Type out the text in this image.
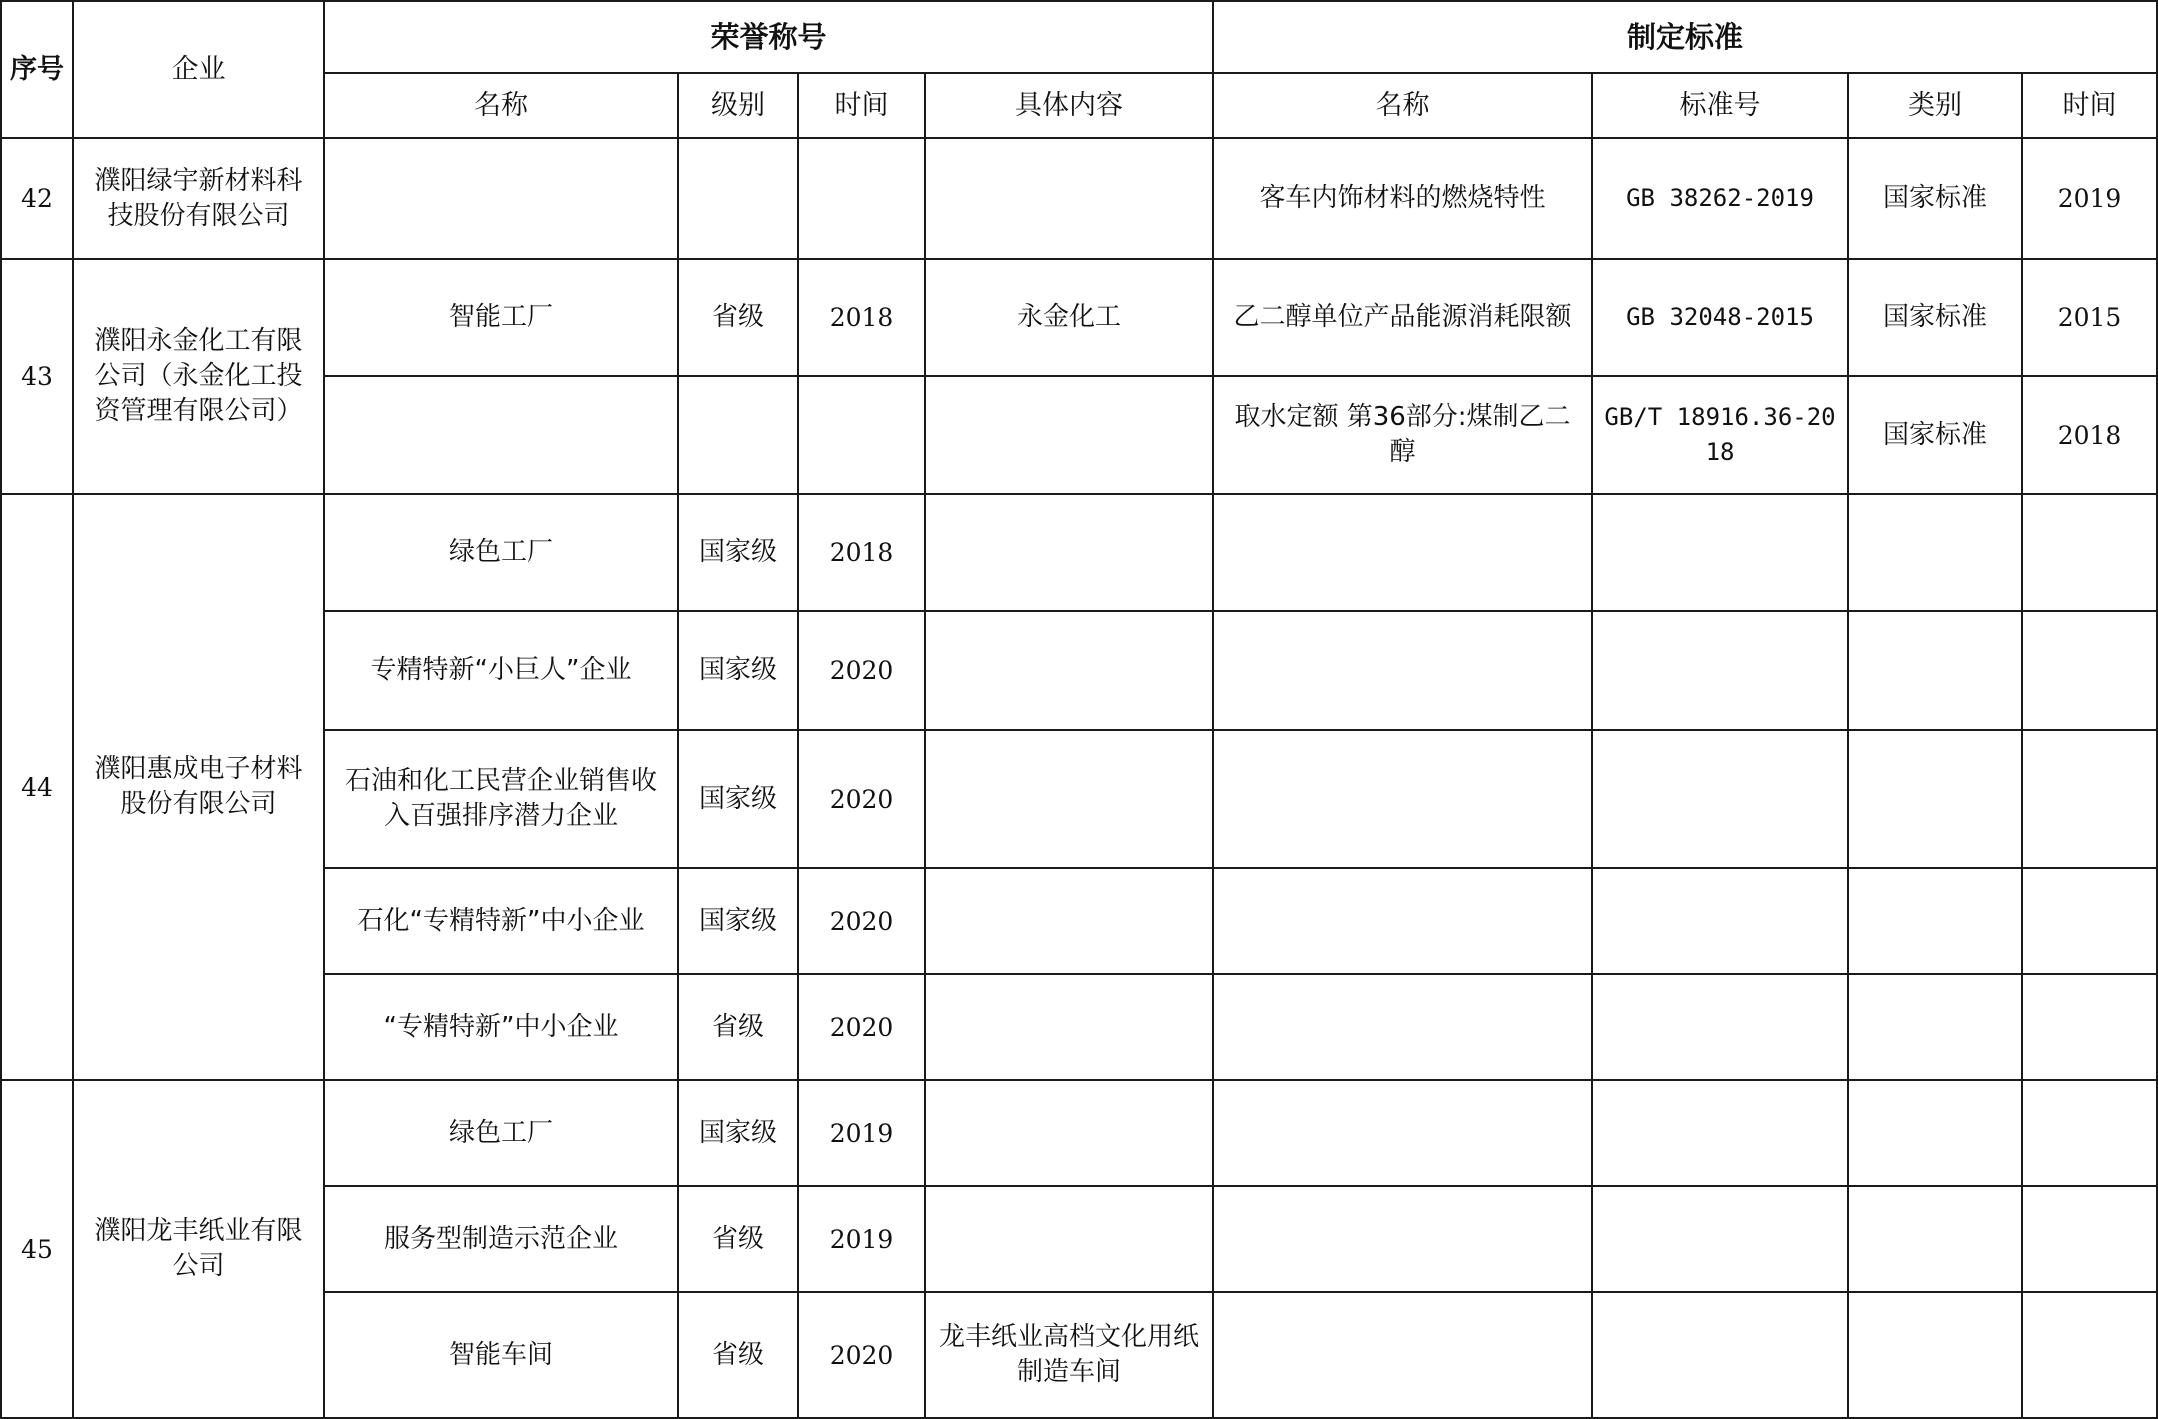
序号	企业	荣誉称号				制定标准			
		名称	级别	时间	具体内容	名称	标准号	类别	时间
42	濮阳绿宇新材料科技股份有限公司					客车内饰材料的燃烧特性	GB 38262-2019	国家标准	2019
43	濮阳永金化工有限公司（永金化工投资管理有限公司）	智能工厂	省级	2018	永金化工	乙二醇单位产品能源消耗限额	GB 32048-2015	国家标准	2015
						取水定额 第36部分:煤制乙二醇	GB/T 18916.36-2018	国家标准	2018
44	濮阳惠成电子材料股份有限公司	绿色工厂	国家级	2018					
		专精特新“小巨人”企业	国家级	2020					
		石油和化工民营企业销售收入百强排序潜力企业	国家级	2020					
		石化“专精特新”中小企业	国家级	2020					
		“专精特新”中小企业	省级	2020					
45	濮阳龙丰纸业有限公司	绿色工厂	国家级	2019					
		服务型制造示范企业	省级	2019					
		智能车间	省级	2020	龙丰纸业高档文化用纸制造车间				
